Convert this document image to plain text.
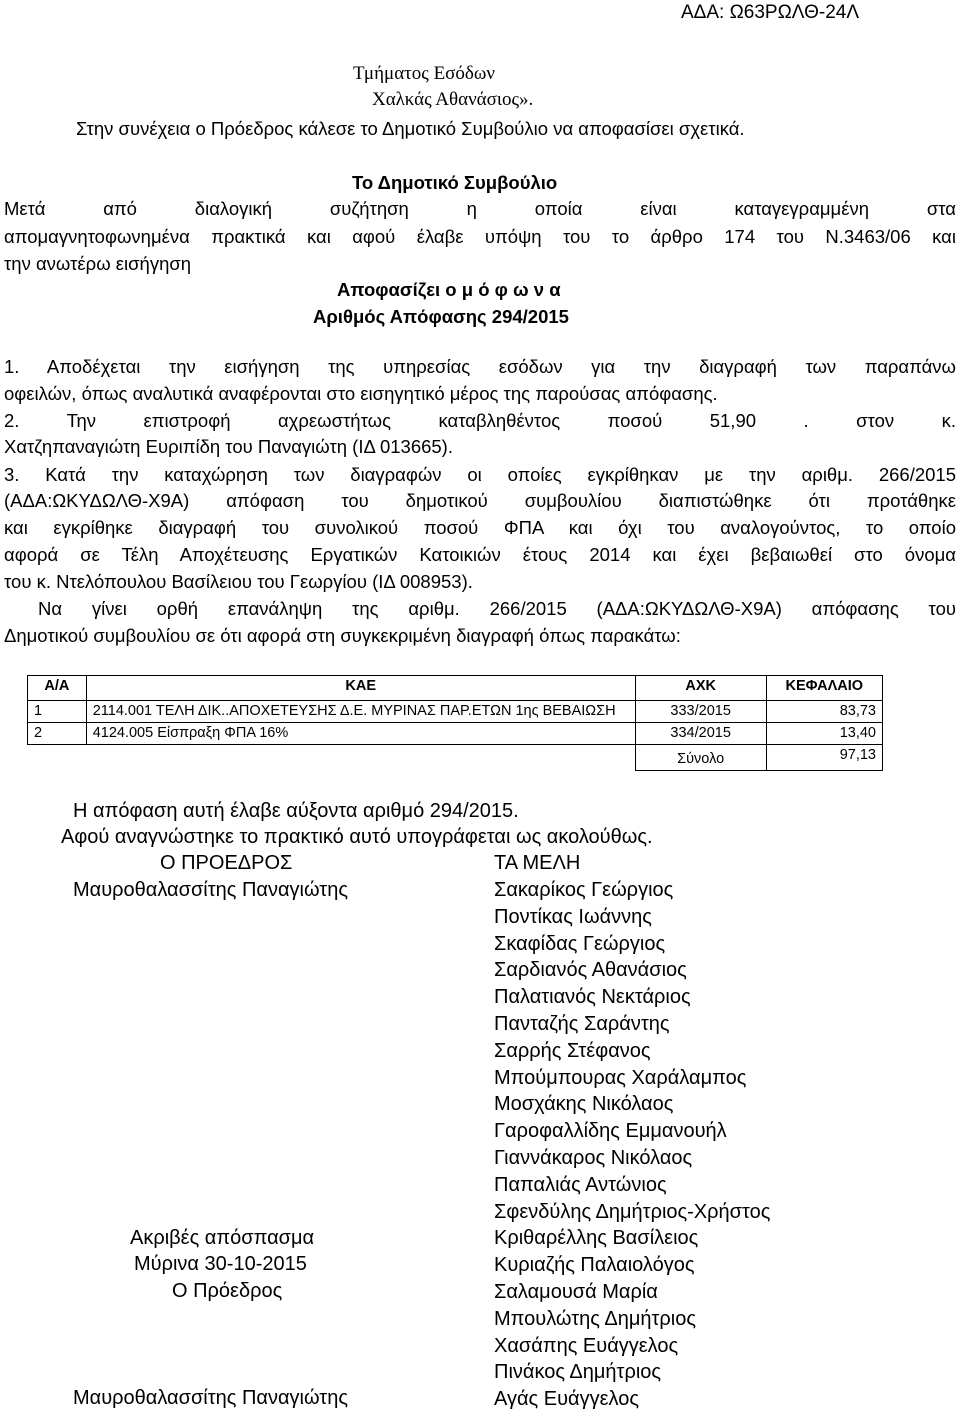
ΑΔΑ: Ω63ΡΩΛΘ-24Λ
Τμήματος Εσόδων
Χαλκάς Αθανάσιος».
Στην συνέχεια ο Πρόεδρος κάλεσε το Δημοτικό Συμβούλιο να αποφασίσει σχετικά.
Το Δημοτικό Συμβούλιο
Μετά από διαλογική συζήτηση η οποία είναι καταγεγραμμένη στα
απομαγνητοφωνημένα πρακτικά και αφού έλαβε υπόψη του το άρθρο 174 του Ν.3463/06 και
την ανωτέρω εισήγηση
Αποφασίζει ο μ ό φ ω ν α
Αριθμός Απόφασης 294/2015
1. Αποδέχεται την εισήγηση της υπηρεσίας εσόδων για την διαγραφή των παραπάνω
οφειλών, όπως αναλυτικά αναφέρονται στο εισηγητικό μέρος της παρούσας απόφασης.
2. Την επιστροφή αχρεωστήτως καταβληθέντος ποσού 51,90 . στον κ.
Χατζηπαναγιώτη Ευριπίδη του Παναγιώτη (ΙΔ 013665).
3. Κατά την καταχώρηση των διαγραφών οι οποίες εγκρίθηκαν με την αριθμ. 266/2015
(ΑΔΑ:ΩΚΥΔΩΛΘ-Χ9Α) απόφαση του δημοτικού συμβουλίου διαπιστώθηκε ότι προτάθηκε
και εγκρίθηκε διαγραφή του συνολικού ποσού ΦΠΑ και όχι του αναλογούντος, το οποίο
αφορά σε Τέλη Αποχέτευσης Εργατικών Κατοικιών έτους 2014 και έχει βεβαιωθεί στο όνομα
του κ. Ντελόπουλου Βασίλειου του Γεωργίου (ΙΔ 008953).
Να γίνει ορθή επανάληψη της αριθμ. 266/2015 (ΑΔΑ:ΩΚΥΔΩΛΘ-Χ9Α) απόφασης του
Δημοτικού συμβουλίου σε ότι αφορά στη συγκεκριμένη διαγραφή όπως παρακάτω:
Α/Α	ΚΑΕ	ΑΧΚ	ΚΕΦΑΛΑΙΟ
1	2114.001 ΤΕΛΗ ΔΙΚ..ΑΠΟΧΕΤΕΥΣΗΣ Δ.Ε. ΜΥΡΙΝΑΣ ΠΑΡ.ΕΤΩΝ 1ης ΒΕΒΑΙΩΣΗ	333/2015	83,73
2	4124.005 Είσπραξη ΦΠΑ 16%	334/2015	13,40
		Σύνολο	97,13
Η απόφαση αυτή έλαβε αύξοντα αριθμό 294/2015.
Αφού αναγνώστηκε το πρακτικό αυτό υπογράφεται ως ακολούθως.
Ο ΠΡΟΕΔΡΟΣ
Μαυροθαλασσίτης Παναγιώτης
ΤΑ ΜΕΛΗ
Σακαρίκος Γεώργιος
Ποντίκας Ιωάννης
Σκαφίδας Γεώργιος
Σαρδιανός Αθανάσιος
Παλατιανός Νεκτάριος
Πανταζής Σαράντης
Σαρρής Στέφανος
Μπούμπουρας Χαράλαμπος
Μοσχάκης Νικόλαος
Γαροφαλλίδης Εμμανουήλ
Γιαννάκαρος Νικόλαος
Παπαλιάς Αντώνιος
Σφενδύλης Δημήτριος-Χρήστος
Κριθαρέλλης Βασίλειος
Κυριαζής Παλαιολόγος
Σαλαμουσά Μαρία
Μπουλώτης Δημήτριος
Χασάπης Ευάγγελος
Πινάκος Δημήτριος
Αγάς Ευάγγελος
Ακριβές απόσπασμα
Μύρινα 30-10-2015
Ο Πρόεδρος
Μαυροθαλασσίτης Παναγιώτης
